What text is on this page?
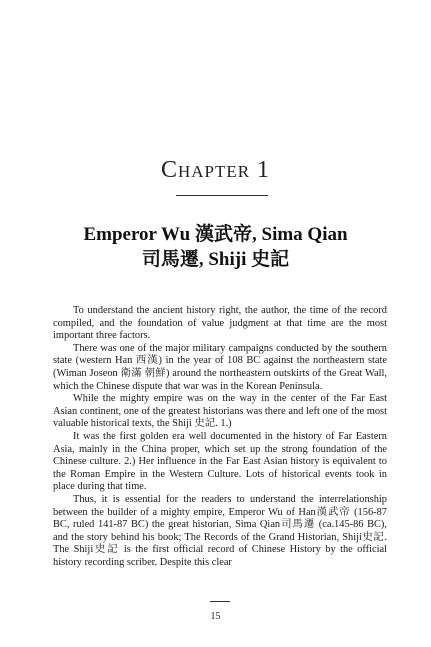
Chapter 1
Emperor Wu 漢武帝, Sima Qian
司馬遷, Shiji 史記

To understand the ancient history right, the author, the time of the record compiled, and the foundation of value judgment at that time are the most important three factors.

There was one of the major military campaigns conducted by the southern state (western Han 西漢) in the year of 108 BC against the northeastern state (Wiman Joseon 衛滿 朝鮮) around the northeastern outskirts of the Great Wall, which the Chinese dispute that war was in the Korean Peninsula.

While the mighty empire was on the way in the center of the Far East Asian continent, one of the greatest historians was there and left one of the most valuable historical texts, the Shiji 史記. 1.)

It was the first golden era well documented in the history of Far Eastern Asia, mainly in the China proper, which set up the strong foundation of the Chinese culture. 2.) Her influence in the Far East Asian history is equivalent to the Roman Empire in the Western Culture. Lots of historical events took in place during that time.

Thus, it is essential for the readers to understand the interrelationship between the builder of a mighty empire, Emperor Wu of Han漢武帝 (156-87 BC, ruled 141-87 BC) the great historian, Sima Qian司馬遷 (ca.145-86 BC), and the story behind his book; The Records of the Grand Historian, Shiji史記. The Shiji史記 is the first official record of Chinese History by the official history recording scriber. Despite this clear

15
